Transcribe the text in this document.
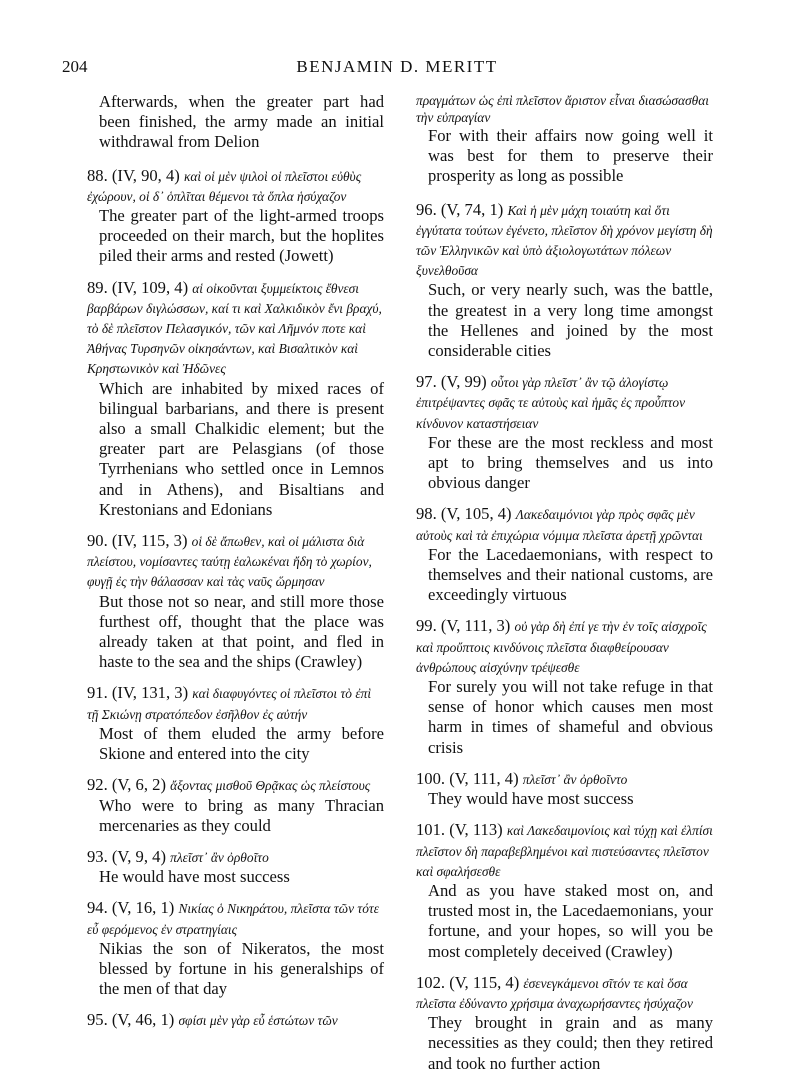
204	BENJAMIN D. MERITT
Afterwards, when the greater part had been finished, the army made an initial withdrawal from Delion
88. (IV, 90, 4) καὶ οἱ μὲν ψιλοὶ οἱ πλεῖστοι εὐθὺς ἐχώρουν, οἱ δ᾽ ὁπλῖται θέμενοι τὰ ὅπλα ἡσύχαζον
The greater part of the light-armed troops proceeded on their march, but the hoplites piled their arms and rested (Jowett)
89. (IV, 109, 4) αἱ οἰκοῦνται ξυμμείκτοις ἔθνεσι βαρβάρων διγλώσσων, καί τι καὶ Χαλκιδικὸν ἔνι βραχύ, τὸ δὲ πλεῖστον Πελασγικόν, τῶν καὶ Λῆμνόν ποτε καὶ Ἀθήνας Τυρσηνῶν οἰκησάντων, καὶ Βισαλτικὸν καὶ Κρηστωνικὸν καὶ Ἠδῶνες
Which are inhabited by mixed races of bilingual barbarians, and there is present also a small Chalkidic element; but the greater part are Pelasgians (of those Tyrrhenians who settled once in Lemnos and in Athens), and Bisaltians and Krestonians and Edonians
90. (IV, 115, 3) οἱ δὲ ἄπωθεν, καὶ οἱ μάλιστα διὰ πλείστου, νομίσαντες ταύτῃ ἑαλωκέναι ἤδη τὸ χωρίον, φυγῇ ἐς τὴν θάλασσαν καὶ τὰς ναῦς ὥρμησαν
But those not so near, and still more those furthest off, thought that the place was already taken at that point, and fled in haste to the sea and the ships (Crawley)
91. (IV, 131, 3) καὶ διαφυγόντες οἱ πλεῖστοι τὸ ἐπὶ τῇ Σκιώνῃ στρατόπεδον ἐσῆλθον ἐς αὐτήν
Most of them eluded the army before Skione and entered into the city
92. (V, 6, 2) ἄξοντας μισθοῦ Θρᾷκας ὡς πλείστους
Who were to bring as many Thracian mercenaries as they could
93. (V, 9, 4) πλεῖστ᾽ ἂν ὀρθοῖτο
He would have most success
94. (V, 16, 1) Νικίας ὁ Νικηράτου, πλεῖστα τῶν τότε εὖ φερόμενος ἐν στρατηγίαις
Nikias the son of Nikeratos, the most blessed by fortune in his generalships of the men of that day
95. (V, 46, 1) σφίσι μὲν γὰρ εὖ ἑστώτων τῶν
πραγμάτων ὡς ἐπὶ πλεῖστον ἄριστον εἶναι διασώσασθαι τὴν εὐπραγίαν
For with their affairs now going well it was best for them to preserve their prosperity as long as possible
96. (V, 74, 1) Καὶ ἡ μὲν μάχη τοιαύτη καὶ ὅτι ἐγγύτατα τούτων ἐγένετο, πλεῖστον δὴ χρόνον μεγίστη δὴ τῶν Ἑλληνικῶν καὶ ὑπὸ ἀξιολογωτάτων πόλεων ξυνελθοῦσα
Such, or very nearly such, was the battle, the greatest in a very long time amongst the Hellenes and joined by the most considerable cities
97. (V, 99) οὗτοι γὰρ πλεῖστ᾽ ἂν τῷ ἀλογίστῳ ἐπιτρέψαντες σφᾶς τε αὐτοὺς καὶ ἡμᾶς ἐς προὖπτον κίνδυνον καταστήσειαν
For these are the most reckless and most apt to bring themselves and us into obvious danger
98. (V, 105, 4) Λακεδαιμόνιοι γὰρ πρὸς σφᾶς μὲν αὐτοὺς καὶ τὰ ἐπιχώρια νόμιμα πλεῖστα ἀρετῇ χρῶνται
For the Lacedaemonians, with respect to themselves and their national customs, are exceedingly virtuous
99. (V, 111, 3) οὐ γὰρ δὴ ἐπί γε τὴν ἐν τοῖς αἰσχροῖς καὶ προὔπτοις κινδύνοις πλεῖστα διαφθείρουσαν ἀνθρώπους αἰσχύνην τρέψεσθε
For surely you will not take refuge in that sense of honor which causes men most harm in times of shameful and obvious crisis
100. (V, 111, 4) πλεῖστ᾽ ἂν ὀρθοῖντο
They would have most success
101. (V, 113) καὶ Λακεδαιμονίοις καὶ τύχῃ καὶ ἐλπίσι πλεῖστον δὴ παραβεβλημένοι καὶ πιστεύσαντες πλεῖστον καὶ σφαλήσεσθε
And as you have staked most on, and trusted most in, the Lacedaemonians, your fortune, and your hopes, so will you be most completely deceived (Crawley)
102. (V, 115, 4) ἐσενεγκάμενοι σῖτόν τε καὶ ὅσα πλεῖστα ἐδύναντο χρήσιμα ἀναχωρήσαντες ἡσύχαζον
They brought in grain and as many necessities as they could; then they retired and took no further action
